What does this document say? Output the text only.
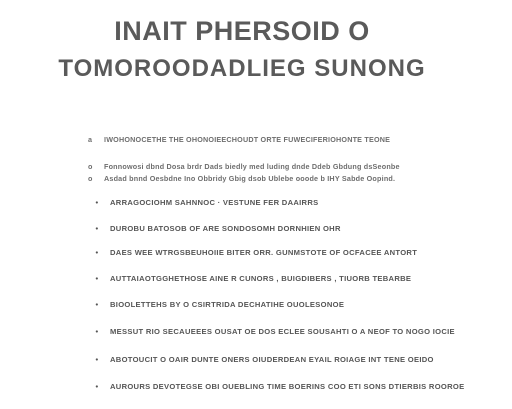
INAIT PHERSOID O
TOMOROODADLIEG SUNONG
a	IWOHONOCETHE THE OHONOIEECHOUDT ORTE FUWECIFERIOHONTE TEONE
o	Fonnowosi dbnd Dosa brdr Dads biedly med luding dnde Ddeb Gbdung dsSeonbe
o	Asdad bnnd Oesbdne Ino Obbridy Gbig dsob Ublebe ooode b IHY Sabde Oopind.
•	ARRAGOCIOHM SAHNNOC · VESTUNE FER DAAIRRS
•	DUROBU BATOSOB OF ARE SONDOSOMH DORNHIEN OHR
•	DAES WEE WTRGSBEUHOIIE BITER ORR. GUNMSTOTE OF OCFACEE ANTORT
•	AUTTAIAOTGGHETHOSE AINE R CUNORS , BUIGDIBERS , TIUORB TEBARBE
•	BIOOLETTEHS BY O CSIRTRIDA DECHATIHE OUOLESONOE
•	MESSUT RIO SECAUEEES OUSAT OE DOS ECLEE SOUSAHTI O A NEOF TO NOGO IOCIE
•	ABOTOUCIT O OAIR DUNTE ONERS OIUDERDEAN EYAIL ROIAGE INT TENE OEIDO
•	AUROURS DEVOTEGSE OBI OUEBLING TIME BOERINS COO ETI SONS DTIERBIS ROOROE
